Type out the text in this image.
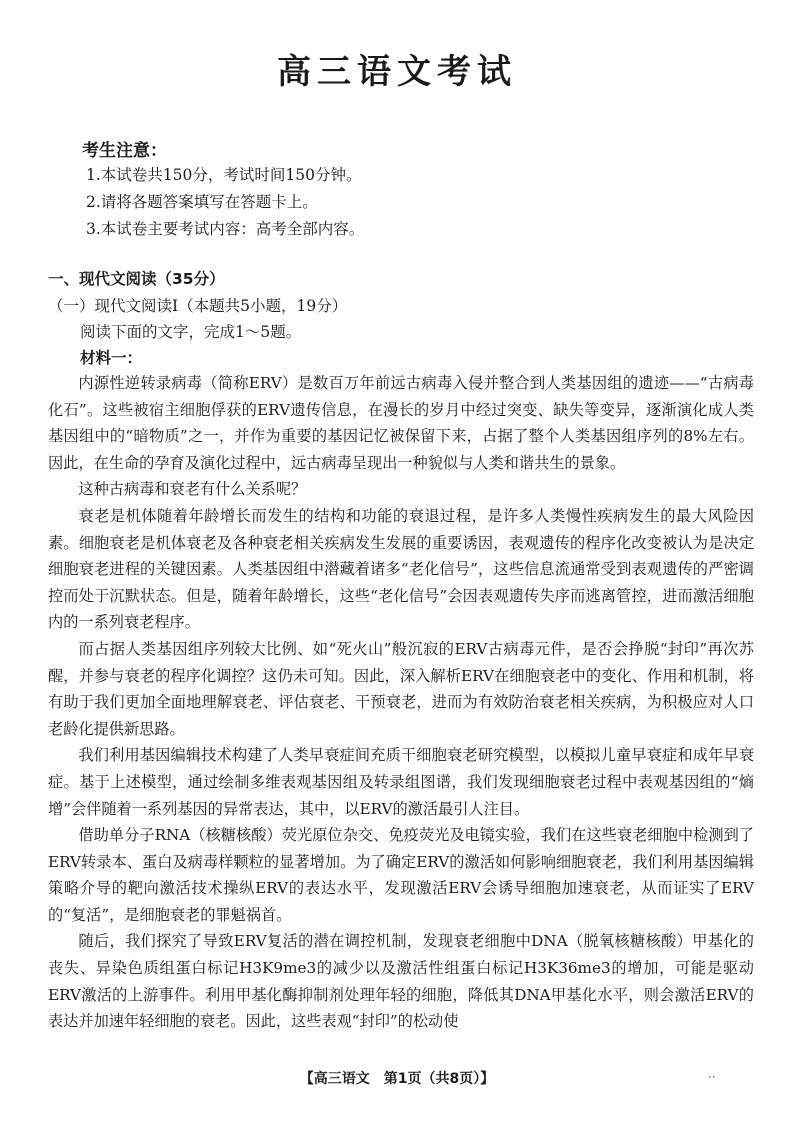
高三语文考试
考生注意：
1.本试卷共150分，考试时间150分钟。
2.请将各题答案填写在答题卡上。
3.本试卷主要考试内容：高考全部内容。
一、现代文阅读（35分）
（一）现代文阅读Ⅰ（本题共5小题，19分）
阅读下面的文字，完成1～5题。
材料一：

内源性逆转录病毒（简称ERV）是数百万年前远古病毒入侵并整合到人类基因组的遗迹——“古病毒化石”。这些被宿主细胞俘获的ERV遗传信息，在漫长的岁月中经过突变、缺失等变异，逐渐演化成人类基因组中的“暗物质”之一，并作为重要的基因记忆被保留下来，占据了整个人类基因组序列的8%左右。因此，在生命的孕育及演化过程中，远古病毒呈现出一种貌似与人类和谐共生的景象。

这种古病毒和衰老有什么关系呢？

衰老是机体随着年龄增长而发生的结构和功能的衰退过程，是许多人类慢性疾病发生的最大风险因素。细胞衰老是机体衰老及各种衰老相关疾病发生发展的重要诱因，表观遗传的程序化改变被认为是决定细胞衰老进程的关键因素。人类基因组中潜藏着诸多“老化信号”，这些信息流通常受到表观遗传的严密调控而处于沉默状态。但是，随着年龄增长，这些“老化信号”会因表观遗传失序而逃离管控，进而激活细胞内的一系列衰老程序。

而占据人类基因组序列较大比例、如“死火山”般沉寂的ERV古病毒元件，是否会挣脱“封印”再次苏醒，并参与衰老的程序化调控？这仍未可知。因此，深入解析ERV在细胞衰老中的变化、作用和机制，将有助于我们更加全面地理解衰老、评估衰老、干预衰老，进而为有效防治衰老相关疾病，为积极应对人口老龄化提供新思路。

我们利用基因编辑技术构建了人类早衰症间充质干细胞衰老研究模型，以模拟儿童早衰症和成年早衰症。基于上述模型，通过绘制多维表观基因组及转录组图谱，我们发现细胞衰老过程中表观基因组的“熵增”会伴随着一系列基因的异常表达，其中，以ERV的激活最引人注目。

借助单分子RNA（核糖核酸）荧光原位杂交、免疫荧光及电镜实验，我们在这些衰老细胞中检测到了ERV转录本、蛋白及病毒样颗粒的显著增加。为了确定ERV的激活如何影响细胞衰老，我们利用基因编辑策略介导的靶向激活技术操纵ERV的表达水平，发现激活ERV会诱导细胞加速衰老，从而证实了ERV的“复活”，是细胞衰老的罪魁祸首。

随后，我们探究了导致ERV复活的潜在调控机制，发现衰老细胞中DNA（脱氧核糖核酸）甲基化的丧失、异染色质组蛋白标记H3K9me3的减少以及激活性组蛋白标记H3K36me3的增加，可能是驱动ERV激活的上游事件。利用甲基化酶抑制剂处理年轻的细胞，降低其DNA甲基化水平，则会激活ERV的表达并加速年轻细胞的衰老。因此，这些表观“封印”的松动使

【高三语文　第1页（共8页）】	··
